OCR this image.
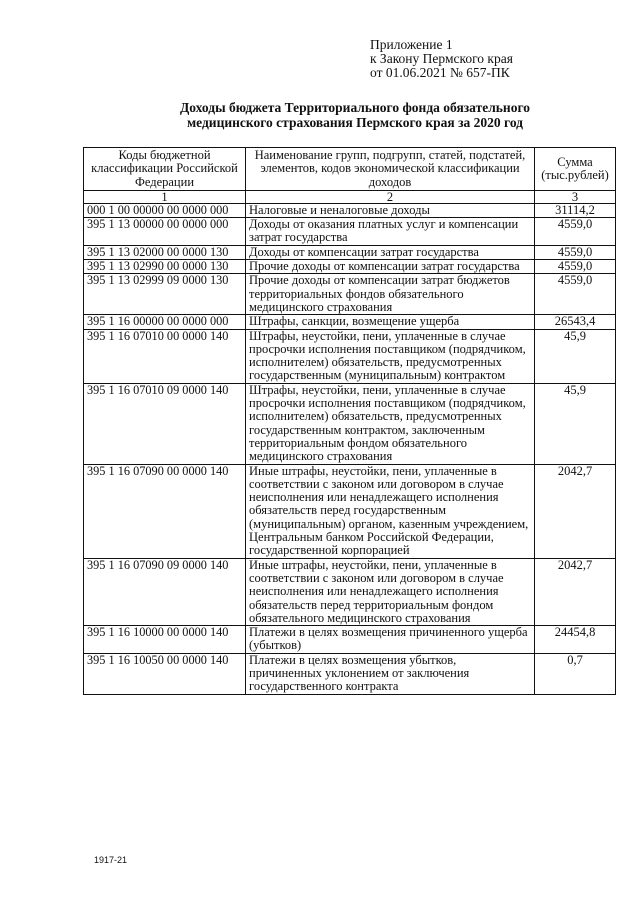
Приложение 1
к Закону Пермского края
от 01.06.2021 № 657-ПК
Доходы бюджета Территориального фонда обязательного
медицинского страхования Пермского края за 2020 год
Коды бюджетной классификации Российской Федерации	Наименование групп, подгрупп, статей, подстатей, элементов, кодов экономической классификации доходов	Сумма (тыс.рублей)
1	2	3
000 1 00 00000 00 0000 000	Налоговые и неналоговые доходы	31114,2
395 1 13 00000 00 0000 000	Доходы от оказания платных услуг и компенсации затрат государства	4559,0
395 1 13 02000 00 0000 130	Доходы от компенсации затрат государства	4559,0
395 1 13 02990 00 0000 130	Прочие доходы от компенсации затрат государства	4559,0
395 1 13 02999 09 0000 130	Прочие доходы от компенсации затрат бюджетов территориальных фондов обязательного медицинского страхования	4559,0
395 1 16 00000 00 0000 000	Штрафы, санкции, возмещение ущерба	26543,4
395 1 16 07010 00 0000 140	Штрафы, неустойки, пени, уплаченные в случае просрочки исполнения поставщиком (подрядчиком, исполнителем) обязательств, предусмотренных государственным (муниципальным) контрактом	45,9
395 1 16 07010 09 0000 140	Штрафы, неустойки, пени, уплаченные в случае просрочки исполнения поставщиком (подрядчиком, исполнителем) обязательств, предусмотренных государственным контрактом, заключенным территориальным фондом обязательного медицинского страхования	45,9
395 1 16 07090 00 0000 140	Иные штрафы, неустойки, пени, уплаченные в соответствии с законом или договором в случае неисполнения или ненадлежащего исполнения обязательств перед государственным (муниципальным) органом, казенным учреждением, Центральным банком Российской Федерации, государственной корпорацией	2042,7
395 1 16 07090 09 0000 140	Иные штрафы, неустойки, пени, уплаченные в соответствии с законом или договором в случае неисполнения или ненадлежащего исполнения обязательств перед территориальным фондом обязательного медицинского страхования	2042,7
395 1 16 10000 00 0000 140	Платежи в целях возмещения причиненного ущерба (убытков)	24454,8
395 1 16 10050 00 0000 140	Платежи в целях возмещения убытков, причиненных уклонением от заключения государственного контракта	0,7
1917-21
